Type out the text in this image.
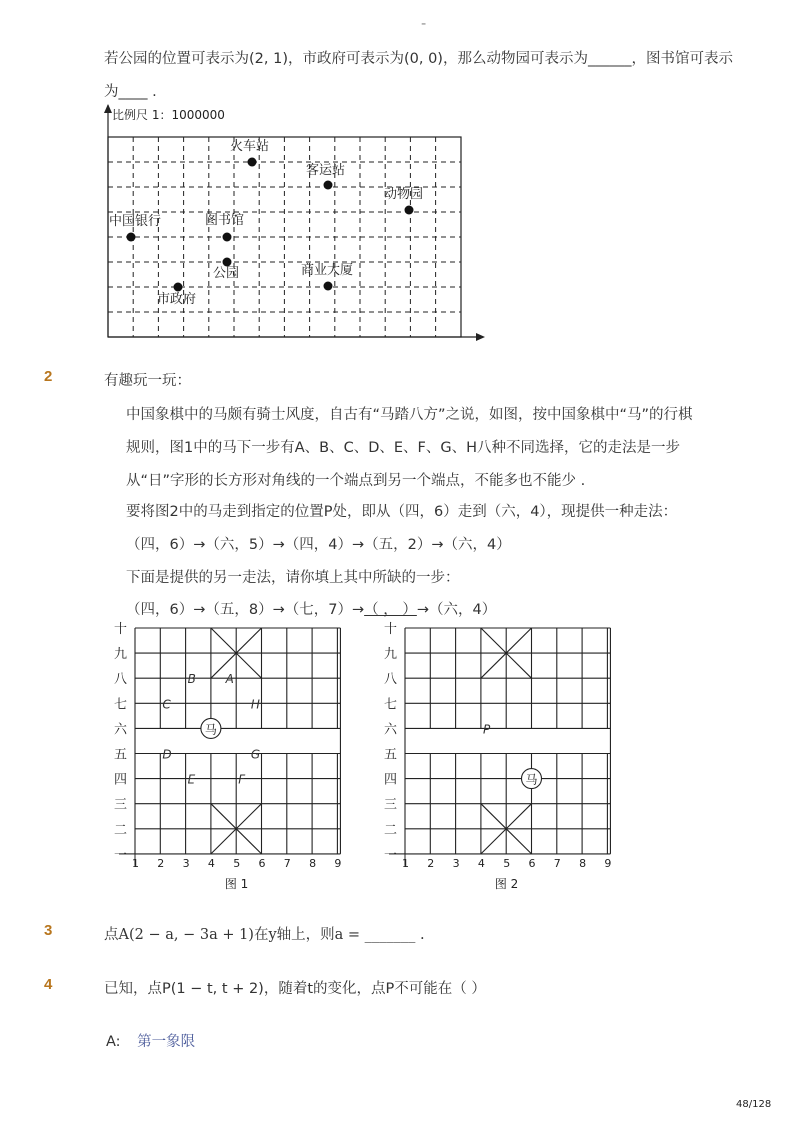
-
若公园的位置可表示为(2, 1)，市政府可表示为(0, 0)，那么动物园可表示为______，图书馆可表示
为____ .
比例尺 1：1000000
火车站
客运站
动物园
中国银行	图书馆
公园	商业大厦
市政府
2	有趣玩一玩：
中国象棋中的马颇有骑士风度，自古有“马踏八方”之说，如图，按中国象棋中“马”的行棋
规则，图1中的马下一步有A、B、C、D、E、F、G、H八种不同选择，它的走法是一步
从“日”字形的长方形对角线的一个端点到另一个端点，不能多也不能少 .
要将图2中的马走到指定的位置P处，即从（四，6）走到（六，4），现提供一种走法：
（四，6）→（六，5）→（四，4）→（五，2）→（六，4）
下面是提供的另一走法，请你填上其中所缺的一步：
（四，6）→（五，8）→（七，7）→（ ， ）→（六，4）
十
九
八
七
六
五
四
三
二
一
1 2 3 4 5 6 7 8 9
马
A
B
C	H
D	G
E	F
图 1
十
九
八
七
六
五
四
三
二
一
1 2 3 4 5 6 7 8 9
马
P
图 2
3	点A(2 − a, − 3a + 1)在y轴上，则a = _______ .
4	已知，点P(1 − t, t + 2)，随着t的变化，点P不可能在（ ）
A: 第一象限
48/128
